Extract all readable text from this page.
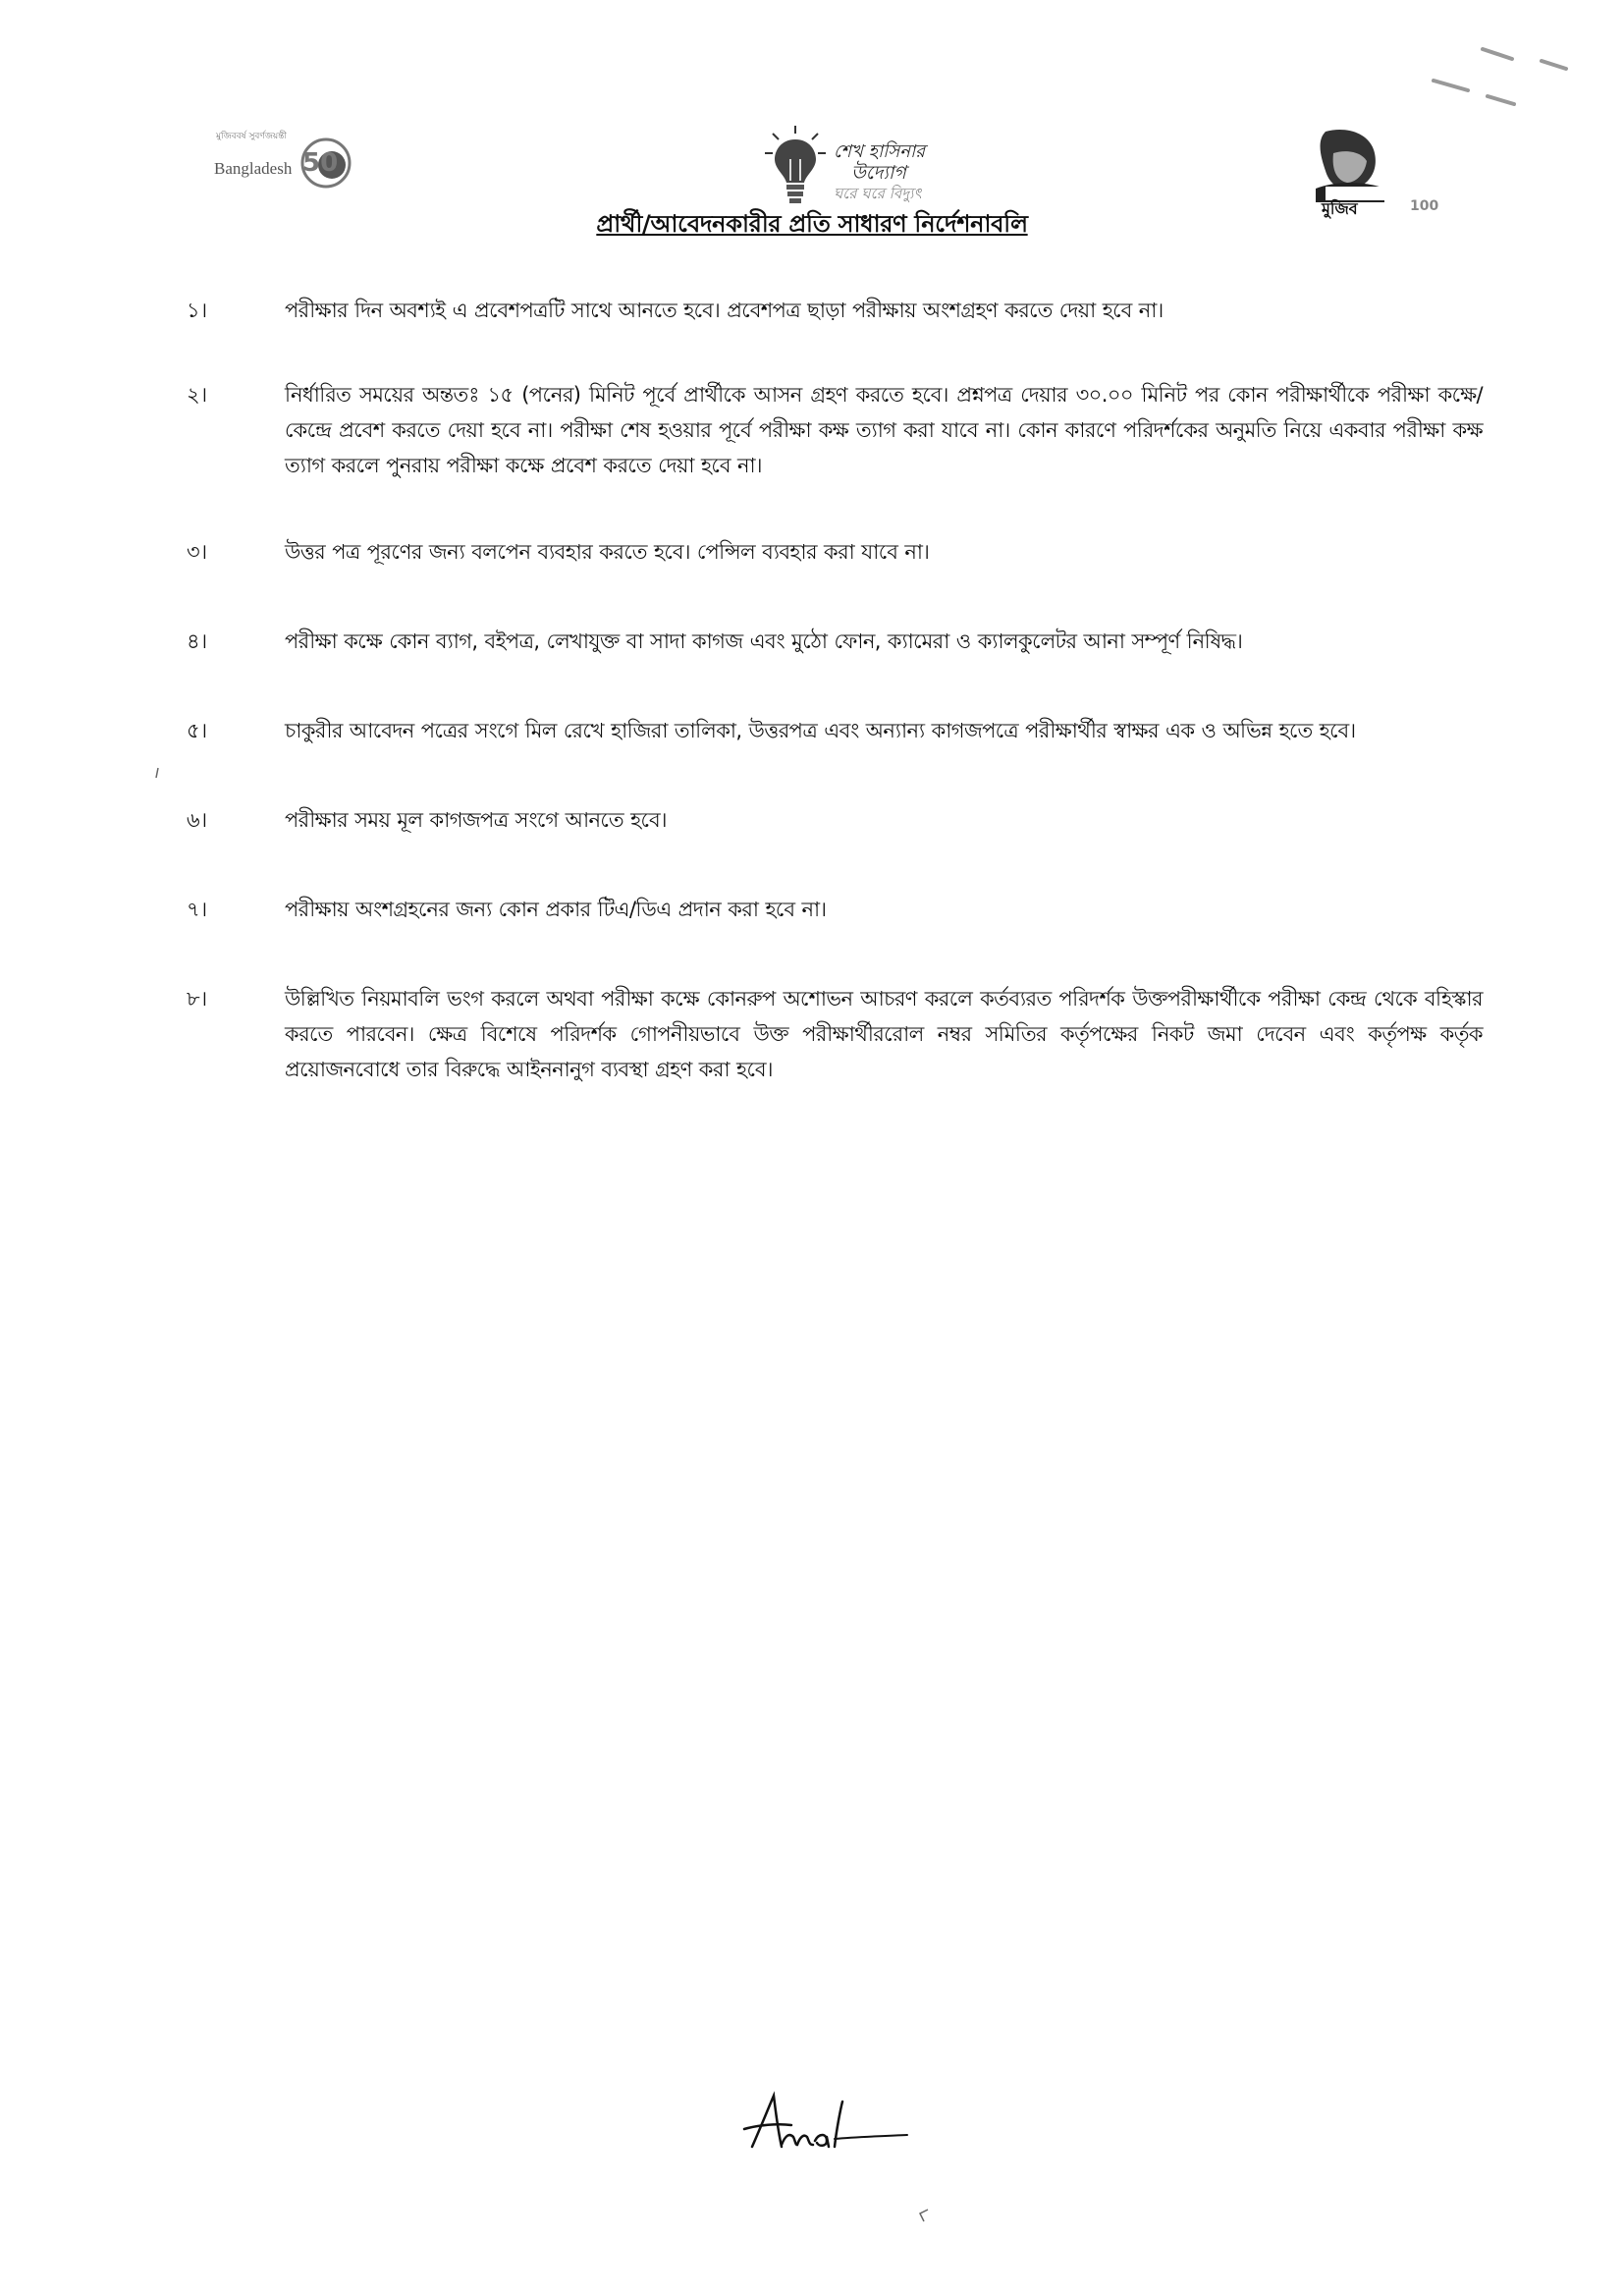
মুজিববর্ষ সুবর্ণজয়ন্তী
Bangladesh 50	শেখ হাসিনার
উদ্যোগ
ঘরে ঘরে বিদ্যুৎ
মুজিব	100
প্রার্থী/আবেদনকারীর প্রতি সাধারণ নির্দেশনাবলি
১।	পরীক্ষার দিন অবশ্যই এ প্রবেশপত্রটি সাথে আনতে হবে। প্রবেশপত্র ছাড়া পরীক্ষায় অংশগ্রহণ করতে দেয়া হবে না।
২।	নির্ধারিত সময়ের অন্ততঃ ১৫ (পনের) মিনিট পূর্বে প্রার্থীকে আসন গ্রহণ করতে হবে। প্রশ্নপত্র দেয়ার ৩০.০০ মিনিট পর কোন পরীক্ষার্থীকে পরীক্ষা কক্ষে/কেন্দ্রে প্রবেশ করতে দেয়া হবে না। পরীক্ষা শেষ হওয়ার পূর্বে পরীক্ষা কক্ষ ত্যাগ করা যাবে না। কোন কারণে পরিদর্শকের অনুমতি নিয়ে একবার পরীক্ষা কক্ষ ত্যাগ করলে পুনরায় পরীক্ষা কক্ষে প্রবেশ করতে দেয়া হবে না।
৩।	উত্তর পত্র পূরণের জন্য বলপেন ব্যবহার করতে হবে। পেন্সিল ব্যবহার করা যাবে না।
৪।	পরীক্ষা কক্ষে কোন ব্যাগ, বইপত্র, লেখাযুক্ত বা সাদা কাগজ এবং মুঠো ফোন, ক্যামেরা ও ক্যালকুলেটর আনা সম্পূর্ণ নিষিদ্ধ।
৫।	চাকুরীর আবেদন পত্রের সংগে মিল রেখে হাজিরা তালিকা, উত্তরপত্র এবং অন্যান্য কাগজপত্রে পরীক্ষার্থীর স্বাক্ষর এক ও অভিন্ন হতে হবে।
৬।	পরীক্ষার সময় মূল কাগজপত্র সংগে আনতে হবে।
৭।	পরীক্ষায় অংশগ্রহনের জন্য কোন প্রকার টিএ/ডিএ প্রদান করা হবে না।
৮।	উল্লিখিত নিয়মাবলি ভংগ করলে অথবা পরীক্ষা কক্ষে কোনরুপ অশোভন আচরণ করলে কর্তব্যরত পরিদর্শক উক্তপরীক্ষার্থীকে পরীক্ষা কেন্দ্র থেকে বহিস্কার করতে পারবেন। ক্ষেত্র বিশেষে পরিদর্শক গোপনীয়ভাবে উক্ত পরীক্ষার্থীররোল নম্বর সমিতির কর্তৃপক্ষের নিকট জমা দেবেন এবং কর্তৃপক্ষ কর্তৃক প্রয়োজনবোধে তার বিরুদ্ধে আইননানুগ ব্যবস্থা গ্রহণ করা হবে।
